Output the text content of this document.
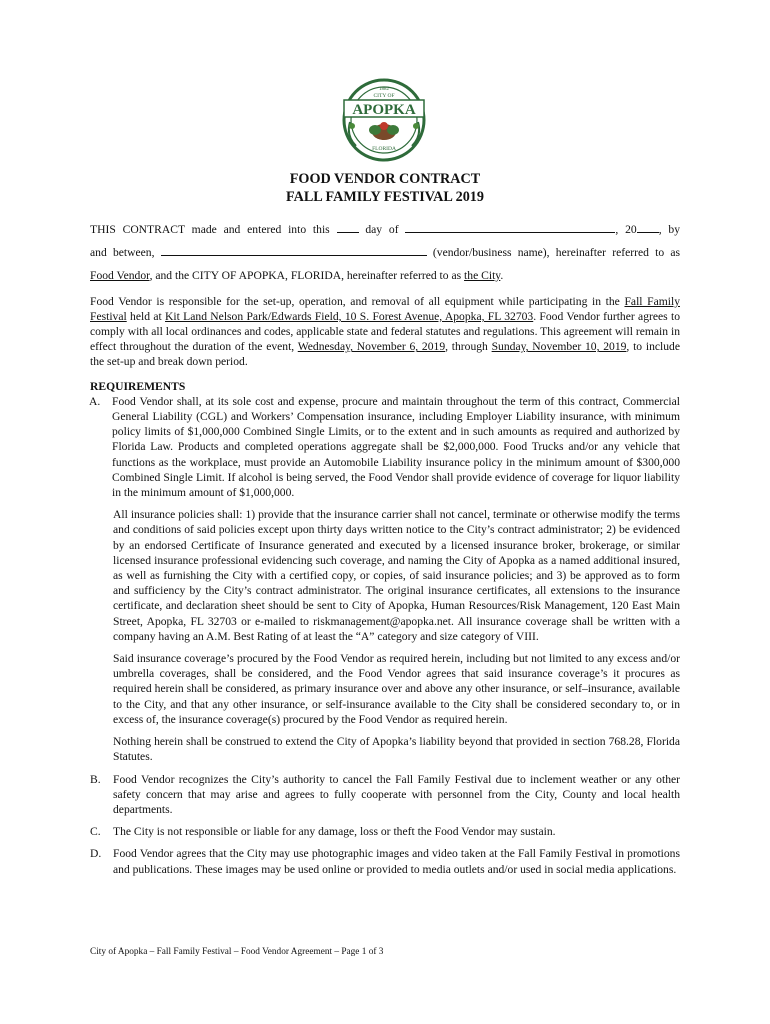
1882
CITY OF
APOPKA
FLORIDA
FOOD VENDOR CONTRACT
FALL FAMILY FESTIVAL 2019
THIS CONTRACT made and entered into this	day of	, 20 , by
and between,	(vendor/business name), hereinafter referred to as
Food Vendor, and the CITY OF APOPKA, FLORIDA, hereinafter referred to as the City.
Food Vendor is responsible for the set-up, operation, and removal of all equipment while participating in the Fall Family Festival held at Kit Land Nelson Park/Edwards Field, 10 S. Forest Avenue, Apopka, FL 32703. Food Vendor further agrees to comply with all local ordinances and codes, applicable state and federal statutes and regulations. This agreement will remain in effect throughout the duration of the event, Wednesday, November 6, 2019, through Sunday, November 10, 2019, to include the set-up and break down period.
REQUIREMENTS
A.	Food Vendor shall, at its sole cost and expense, procure and maintain throughout the term of this contract, Commercial General Liability (CGL) and Workers’ Compensation insurance, including Employer Liability insurance, with minimum policy limits of $1,000,000 Combined Single Limits, or to the extent and in such amounts as required and authorized by Florida Law. Products and completed operations aggregate shall be $2,000,000. Food Trucks and/or any vehicle that functions as the workplace, must provide an Automobile Liability insurance policy in the minimum amount of $300,000 Combined Single Limit. If alcohol is being served, the Food Vendor shall provide evidence of coverage for liquor liability in the minimum amount of $1,000,000.
All insurance policies shall: 1) provide that the insurance carrier shall not cancel, terminate or otherwise modify the terms and conditions of said policies except upon thirty days written notice to the City’s contract administrator; 2) be evidenced by an endorsed Certificate of Insurance generated and executed by a licensed insurance broker, brokerage, or similar licensed insurance professional evidencing such coverage, and naming the City of Apopka as a named additional insured, as well as furnishing the City with a certified copy, or copies, of said insurance policies; and 3) be approved as to form and sufficiency by the City’s contract administrator. The original insurance certificates, all extensions to the insurance certificate, and declaration sheet should be sent to City of Apopka, Human Resources/Risk Management, 120 East Main Street, Apopka, FL 32703 or e-mailed to riskmanagement@apopka.net. All insurance coverage shall be written with a company having an A.M. Best Rating of at least the “A” category and size category of VIII.
Said insurance coverage’s procured by the Food Vendor as required herein, including but not limited to any excess and/or umbrella coverages, shall be considered, and the Food Vendor agrees that said insurance coverage’s it procures as required herein shall be considered, as primary insurance over and above any other insurance, or self–insurance, available to the City, and that any other insurance, or self-insurance available to the City shall be considered secondary to, or in excess of, the insurance coverage(s) procured by the Food Vendor as required herein.
Nothing herein shall be construed to extend the City of Apopka’s liability beyond that provided in section 768.28, Florida Statutes.
B.	Food Vendor recognizes the City’s authority to cancel the Fall Family Festival due to inclement weather or any other safety concern that may arise and agrees to fully cooperate with personnel from the City, County and local health departments.
C.	The City is not responsible or liable for any damage, loss or theft the Food Vendor may sustain.
D.	Food Vendor agrees that the City may use photographic images and video taken at the Fall Family Festival in promotions and publications. These images may be used online or provided to media outlets and/or used in social media applications.
City of Apopka – Fall Family Festival – Food Vendor Agreement – Page 1 of 3
